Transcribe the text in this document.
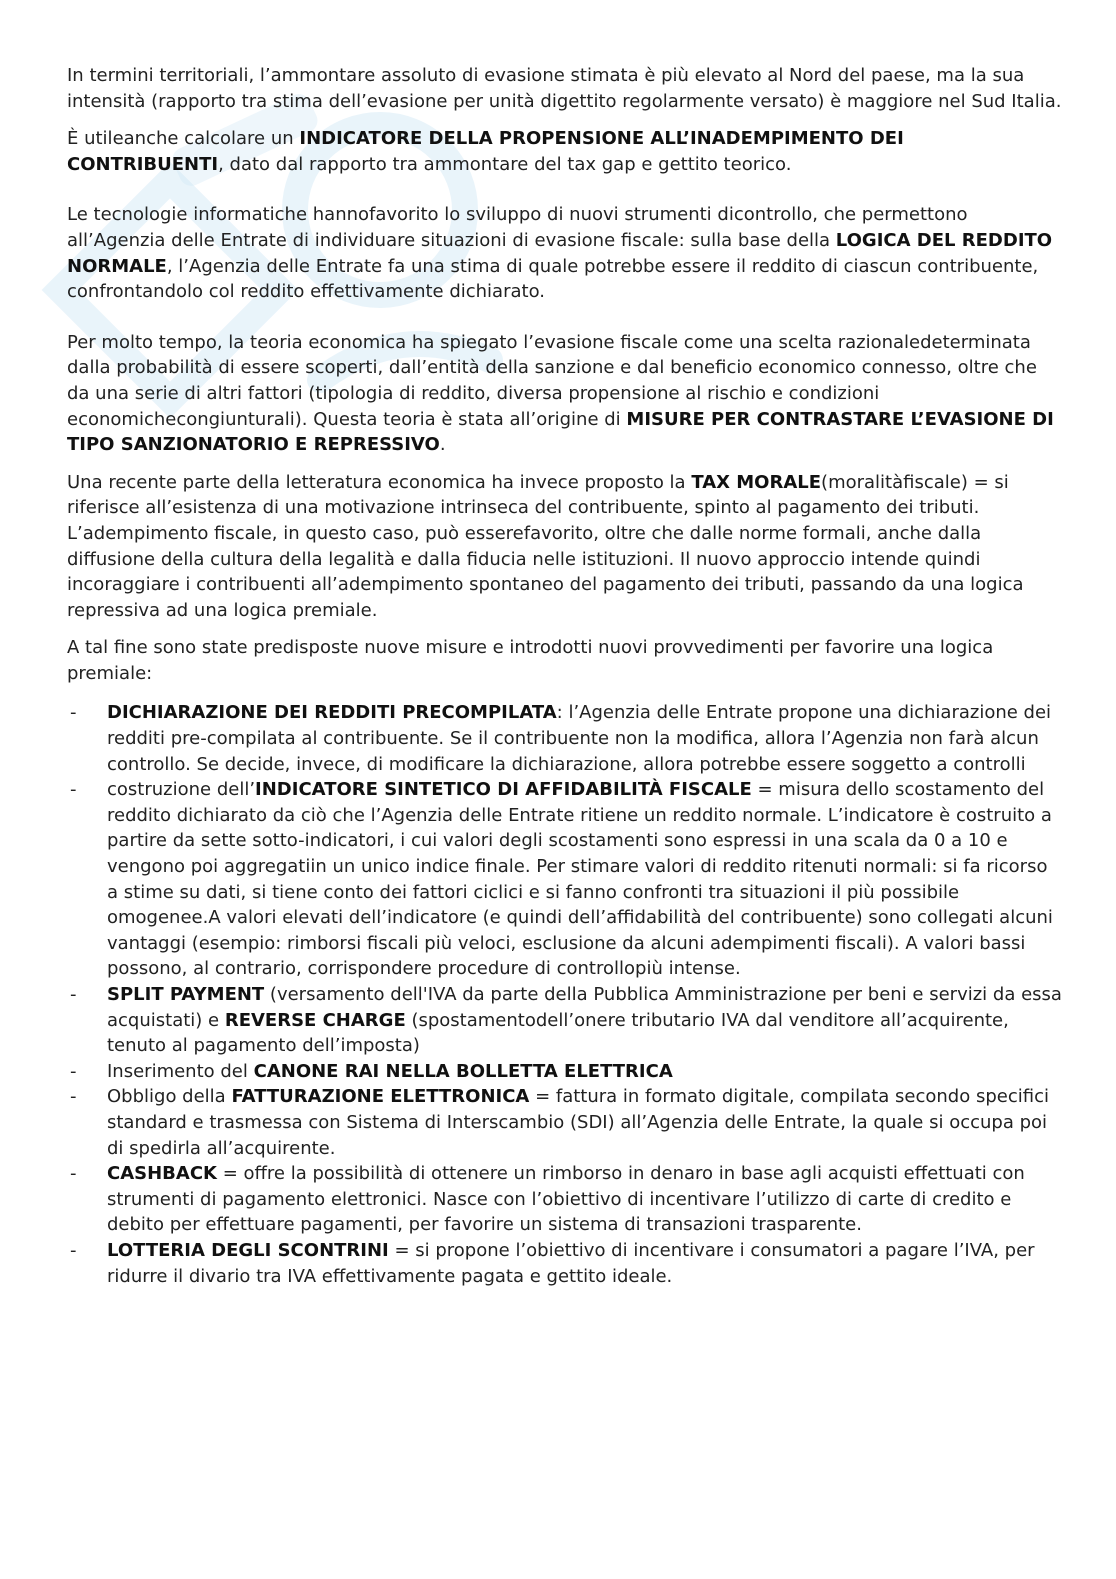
In termini territoriali, l’ammontare assoluto di evasione stimata è più elevato al Nord del paese, ma la sua intensità (rapporto tra stima dell’evasione per unità digettito regolarmente versato) è maggiore nel Sud Italia.

È utileanche calcolare un INDICATORE DELLA PROPENSIONE ALL’INADEMPIMENTO DEI CONTRIBUENTI, dato dal rapporto tra ammontare del tax gap e gettito teorico.

Le tecnologie informatiche hannofavorito lo sviluppo di nuovi strumenti dicontrollo, che permettono all’Agenzia delle Entrate di individuare situazioni di evasione fiscale: sulla base della LOGICA DEL REDDITO NORMALE, l’Agenzia delle Entrate fa una stima di quale potrebbe essere il reddito di ciascun contribuente, confrontandolo col reddito effettivamente dichiarato.

Per molto tempo, la teoria economica ha spiegato l’evasione fiscale come una scelta razionaledeterminata dalla probabilità di essere scoperti, dall’entità della sanzione e dal beneficio economico connesso, oltre che da una serie di altri fattori (tipologia di reddito, diversa propensione al rischio e condizioni economichecongiunturali). Questa teoria è stata all’origine di MISURE PER CONTRASTARE L’EVASIONE DI TIPO SANZIONATORIO E REPRESSIVO.

Una recente parte della letteratura economica ha invece proposto la TAX MORALE(moralitàfiscale) = si riferisce all’esistenza di una motivazione intrinseca del contribuente, spinto al pagamento dei tributi. L’adempimento fiscale, in questo caso, può esserefavorito, oltre che dalle norme formali, anche dalla diffusione della cultura della legalità e dalla fiducia nelle istituzioni. Il nuovo approccio intende quindi incoraggiare i contribuenti all’adempimento spontaneo del pagamento dei tributi, passando da una logica repressiva ad una logica premiale.

A tal fine sono state predisposte nuove misure e introdotti nuovi provvedimenti per favorire una logica premiale:

- DICHIARAZIONE DEI REDDITI PRECOMPILATA: l’Agenzia delle Entrate propone una dichiarazione dei redditi pre-compilata al contribuente. Se il contribuente non la modifica, allora l’Agenzia non farà alcun controllo. Se decide, invece, di modificare la dichiarazione, allora potrebbe essere soggetto a controlli
- costruzione dell’INDICATORE SINTETICO DI AFFIDABILITÀ FISCALE = misura dello scostamento del reddito dichiarato da ciò che l’Agenzia delle Entrate ritiene un reddito normale. L’indicatore è costruito a partire da sette sotto-indicatori, i cui valori degli scostamenti sono espressi in una scala da 0 a 10 e vengono poi aggregatiin un unico indice finale. Per stimare valori di reddito ritenuti normali: si fa ricorso a stime su dati, si tiene conto dei fattori ciclici e si fanno confronti tra situazioni il più possibile omogenee.A valori elevati dell’indicatore (e quindi dell’affidabilità del contribuente) sono collegati alcuni vantaggi (esempio: rimborsi fiscali più veloci, esclusione da alcuni adempimenti fiscali). A valori bassi possono, al contrario, corrispondere procedure di controllopiù intense.
- SPLIT PAYMENT (versamento dell'IVA da parte della Pubblica Amministrazione per beni e servizi da essa acquistati) e REVERSE CHARGE (spostamentodell’onere tributario IVA dal venditore all’acquirente, tenuto al pagamento dell’imposta)
- Inserimento del CANONE RAI NELLA BOLLETTA ELETTRICA
- Obbligo della FATTURAZIONE ELETTRONICA = fattura in formato digitale, compilata secondo specifici standard e trasmessa con Sistema di Interscambio (SDI) all’Agenzia delle Entrate, la quale si occupa poi di spedirla all’acquirente.
- CASHBACK = offre la possibilità di ottenere un rimborso in denaro in base agli acquisti effettuati con strumenti di pagamento elettronici. Nasce con l’obiettivo di incentivare l’utilizzo di carte di credito e debito per effettuare pagamenti, per favorire un sistema di transazioni trasparente.
- LOTTERIA DEGLI SCONTRINI = si propone l’obiettivo di incentivare i consumatori a pagare l’IVA, per ridurre il divario tra IVA effettivamente pagata e gettito ideale.
